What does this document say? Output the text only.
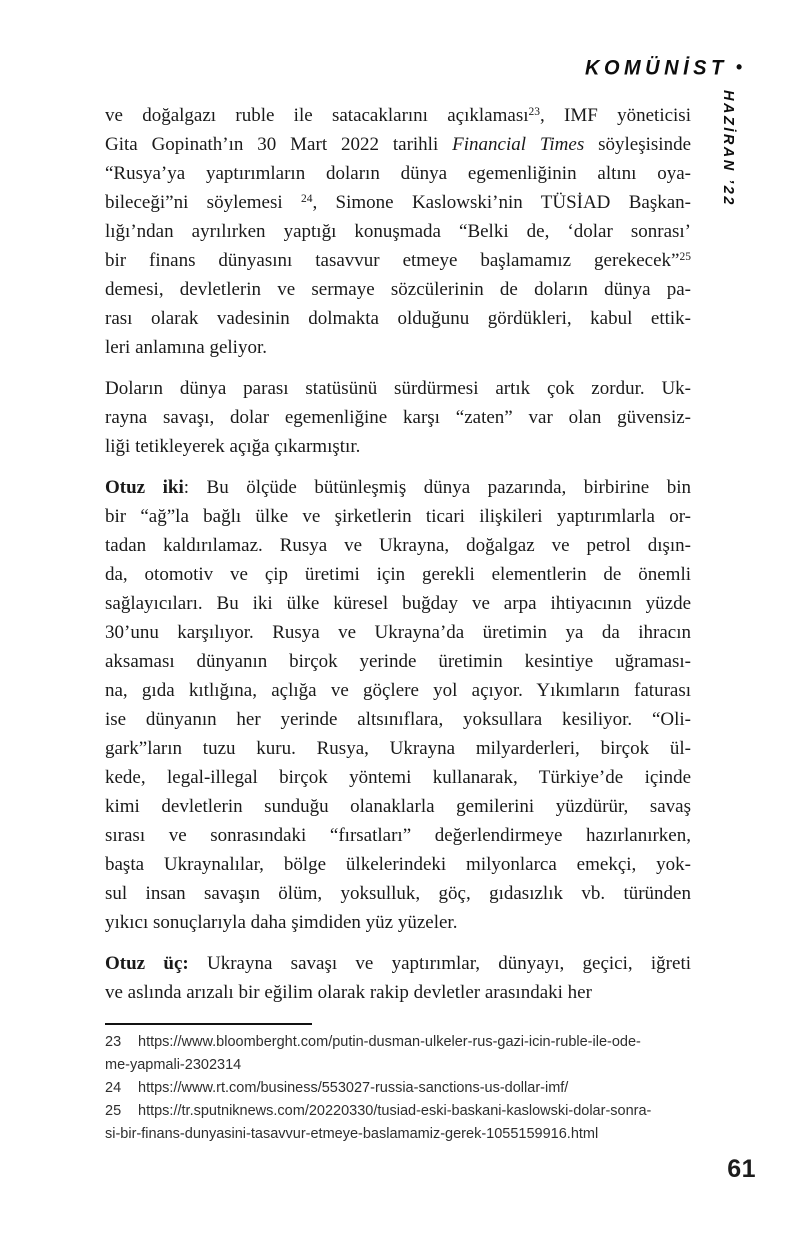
KOMÜNİST •
HAZİRAN ’22
ve doğalgazı ruble ile satacaklarını açıklaması$^{23}$, IMF yöneticisi
Gita Gopinath’ın 30 Mart 2022 tarihli Financial Times söyleşisinde
“Rusya’ya yaptırımların doların dünya egemenliğinin altını oya-
bileceği”ni söylemesi $^{24}$, Simone Kaslowski’nin TÜSİAD Başkan-
lığı’ndan ayrılırken yaptığı konuşmada “Belki de, ‘dolar sonrası’
bir finans dünyasını tasavvur etmeye başlamamız gerekecek”$^{25}$
demesi, devletlerin ve sermaye sözcülerinin de doların dünya pa-
rası olarak vadesinin dolmakta olduğunu gördükleri, kabul ettik-
leri anlamına geliyor.
Doların dünya parası statüsünü sürdürmesi artık çok zordur. Uk-
rayna savaşı, dolar egemenliğine karşı “zaten” var olan güvensiz-
liği tetikleyerek açığa çıkarmıştır.
Otuz iki: Bu ölçüde bütünleşmiş dünya pazarında, birbirine bin
bir “ağ”la bağlı ülke ve şirketlerin ticari ilişkileri yaptırımlarla or-
tadan kaldırılamaz. Rusya ve Ukrayna, doğalgaz ve petrol dışın-
da, otomotiv ve çip üretimi için gerekli elementlerin de önemli
sağlayıcıları. Bu iki ülke küresel buğday ve arpa ihtiyacının yüzde
30’unu karşılıyor. Rusya ve Ukrayna’da üretimin ya da ihracın
aksaması dünyanın birçok yerinde üretimin kesintiye uğraması-
na, gıda kıtlığına, açlığa ve göçlere yol açıyor. Yıkımların faturası
ise dünyanın her yerinde altsınıflara, yoksullara kesiliyor. “Oli-
gark”ların tuzu kuru. Rusya, Ukrayna milyarderleri, birçok ül-
kede, legal-illegal birçok yöntemi kullanarak, Türkiye’de içinde
kimi devletlerin sunduğu olanaklarla gemilerini yüzdürür, savaş
sırası ve sonrasındaki “fırsatları” değerlendirmeye hazırlanırken,
başta Ukraynalılar, bölge ülkelerindeki milyonlarca emekçi, yok-
sul insan savaşın ölüm, yoksulluk, göç, gıdasızlık vb. türünden
yıkıcı sonuçlarıyla daha şimdiden yüz yüzeler.
Otuz üç: Ukrayna savaşı ve yaptırımlar, dünyayı, geçici, iğreti
ve aslında arızalı bir eğilim olarak rakip devletler arasındaki her
23 https://www.bloomberght.com/putin-dusman-ulkeler-rus-gazi-icin-ruble-ile-ode-
me-yapmali-2302314
24 https://www.rt.com/business/553027-russia-sanctions-us-dollar-imf/
25 https://tr.sputniknews.com/20220330/tusiad-eski-baskani-kaslowski-dolar-sonra-
si-bir-finans-dunyasini-tasavvur-etmeye-baslamamiz-gerek-1055159916.html
61
